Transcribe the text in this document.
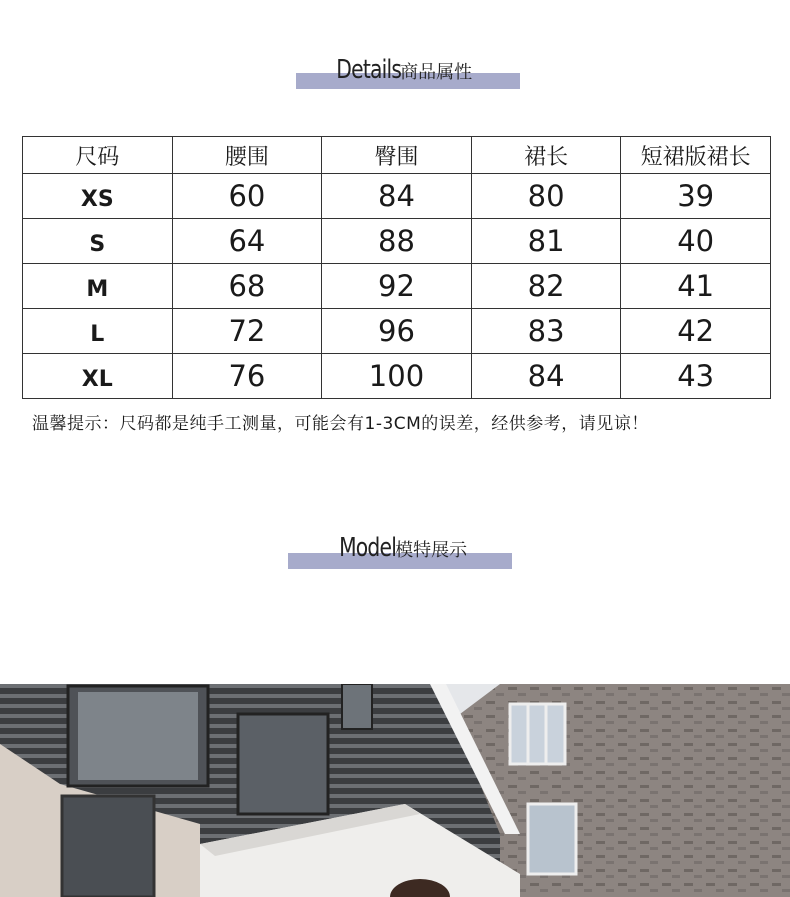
Details 商品属性
尺码	腰围	臀围	裙长	短裙版裙长
XS	60	84	80	39
S	64	88	81	40
M	68	92	82	41
L	72	96	83	42
XL	76	100	84	43
温馨提示：尺码都是纯手工测量，可能会有1-3CM的误差，经供参考，请见谅！
Model 模特展示
